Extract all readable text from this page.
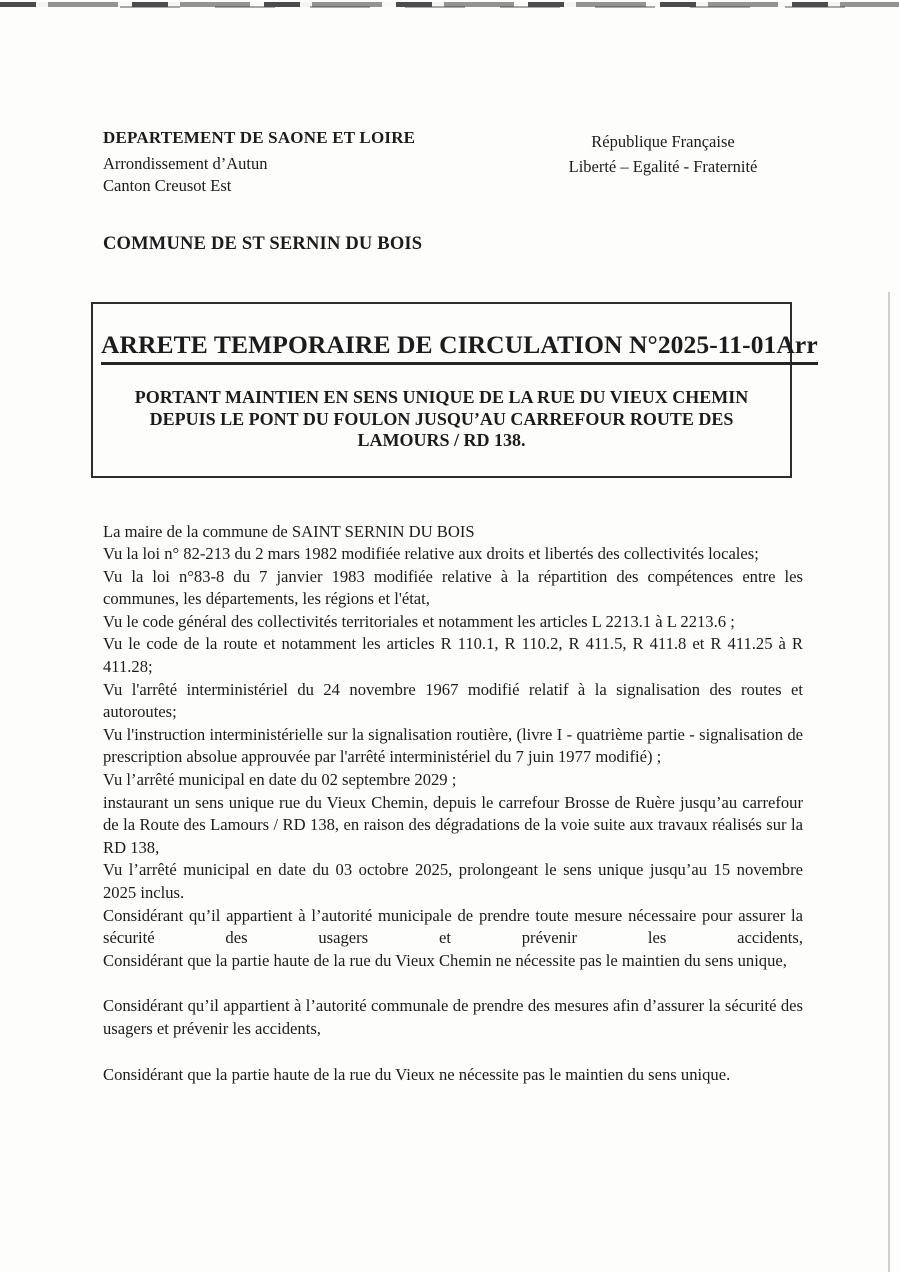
DEPARTEMENT DE SAONE ET LOIRE
Arrondissement d’Autun
Canton Creusot Est
République Française
Liberté – Egalité - Fraternité
COMMUNE DE ST SERNIN DU BOIS
ARRETE TEMPORAIRE DE CIRCULATION N°2025-11-01Arr
PORTANT MAINTIEN EN SENS UNIQUE DE LA RUE DU VIEUX CHEMIN DEPUIS LE PONT DU FOULON JUSQU’AU CARREFOUR ROUTE DES LAMOURS / RD 138.

La maire de la commune de SAINT SERNIN DU BOIS

Vu la loi n° 82-213 du 2 mars 1982 modifiée relative aux droits et libertés des collectivités locales;

Vu la loi n°83-8 du 7 janvier 1983 modifiée relative à la répartition des compétences entre les communes, les départements, les régions et l'état,

Vu le code général des collectivités territoriales et notamment les articles L 2213.1 à L 2213.6 ;

Vu le code de la route et notamment les articles R 110.1, R 110.2, R 411.5, R 411.8 et R 411.25 à R 411.28;

Vu l'arrêté interministériel du 24 novembre 1967 modifié relatif à la signalisation des routes et autoroutes;

Vu l'instruction interministérielle sur la signalisation routière, (livre I - quatrième partie - signalisation de prescription absolue approuvée par l'arrêté interministériel du 7 juin 1977 modifié) ;

Vu l’arrêté municipal en date du 02 septembre 2029 ;

instaurant un sens unique rue du Vieux Chemin, depuis le carrefour Brosse de Ruère jusqu’au carrefour de la Route des Lamours / RD 138, en raison des dégradations de la voie suite aux travaux réalisés sur la RD 138,

Vu l’arrêté municipal en date du 03 octobre 2025, prolongeant le sens unique jusqu’au 15 novembre 2025 inclus.

Considérant qu’il appartient à l’autorité municipale de prendre toute mesure nécessaire pour assurer la sécurité des usagers et prévenir les accidents,

Considérant que la partie haute de la rue du Vieux Chemin ne nécessite pas le maintien du sens unique,

Considérant qu’il appartient à l’autorité communale de prendre des mesures afin d’assurer la sécurité des usagers et prévenir les accidents,

Considérant que la partie haute de la rue du Vieux ne nécessite pas le maintien du sens unique.
